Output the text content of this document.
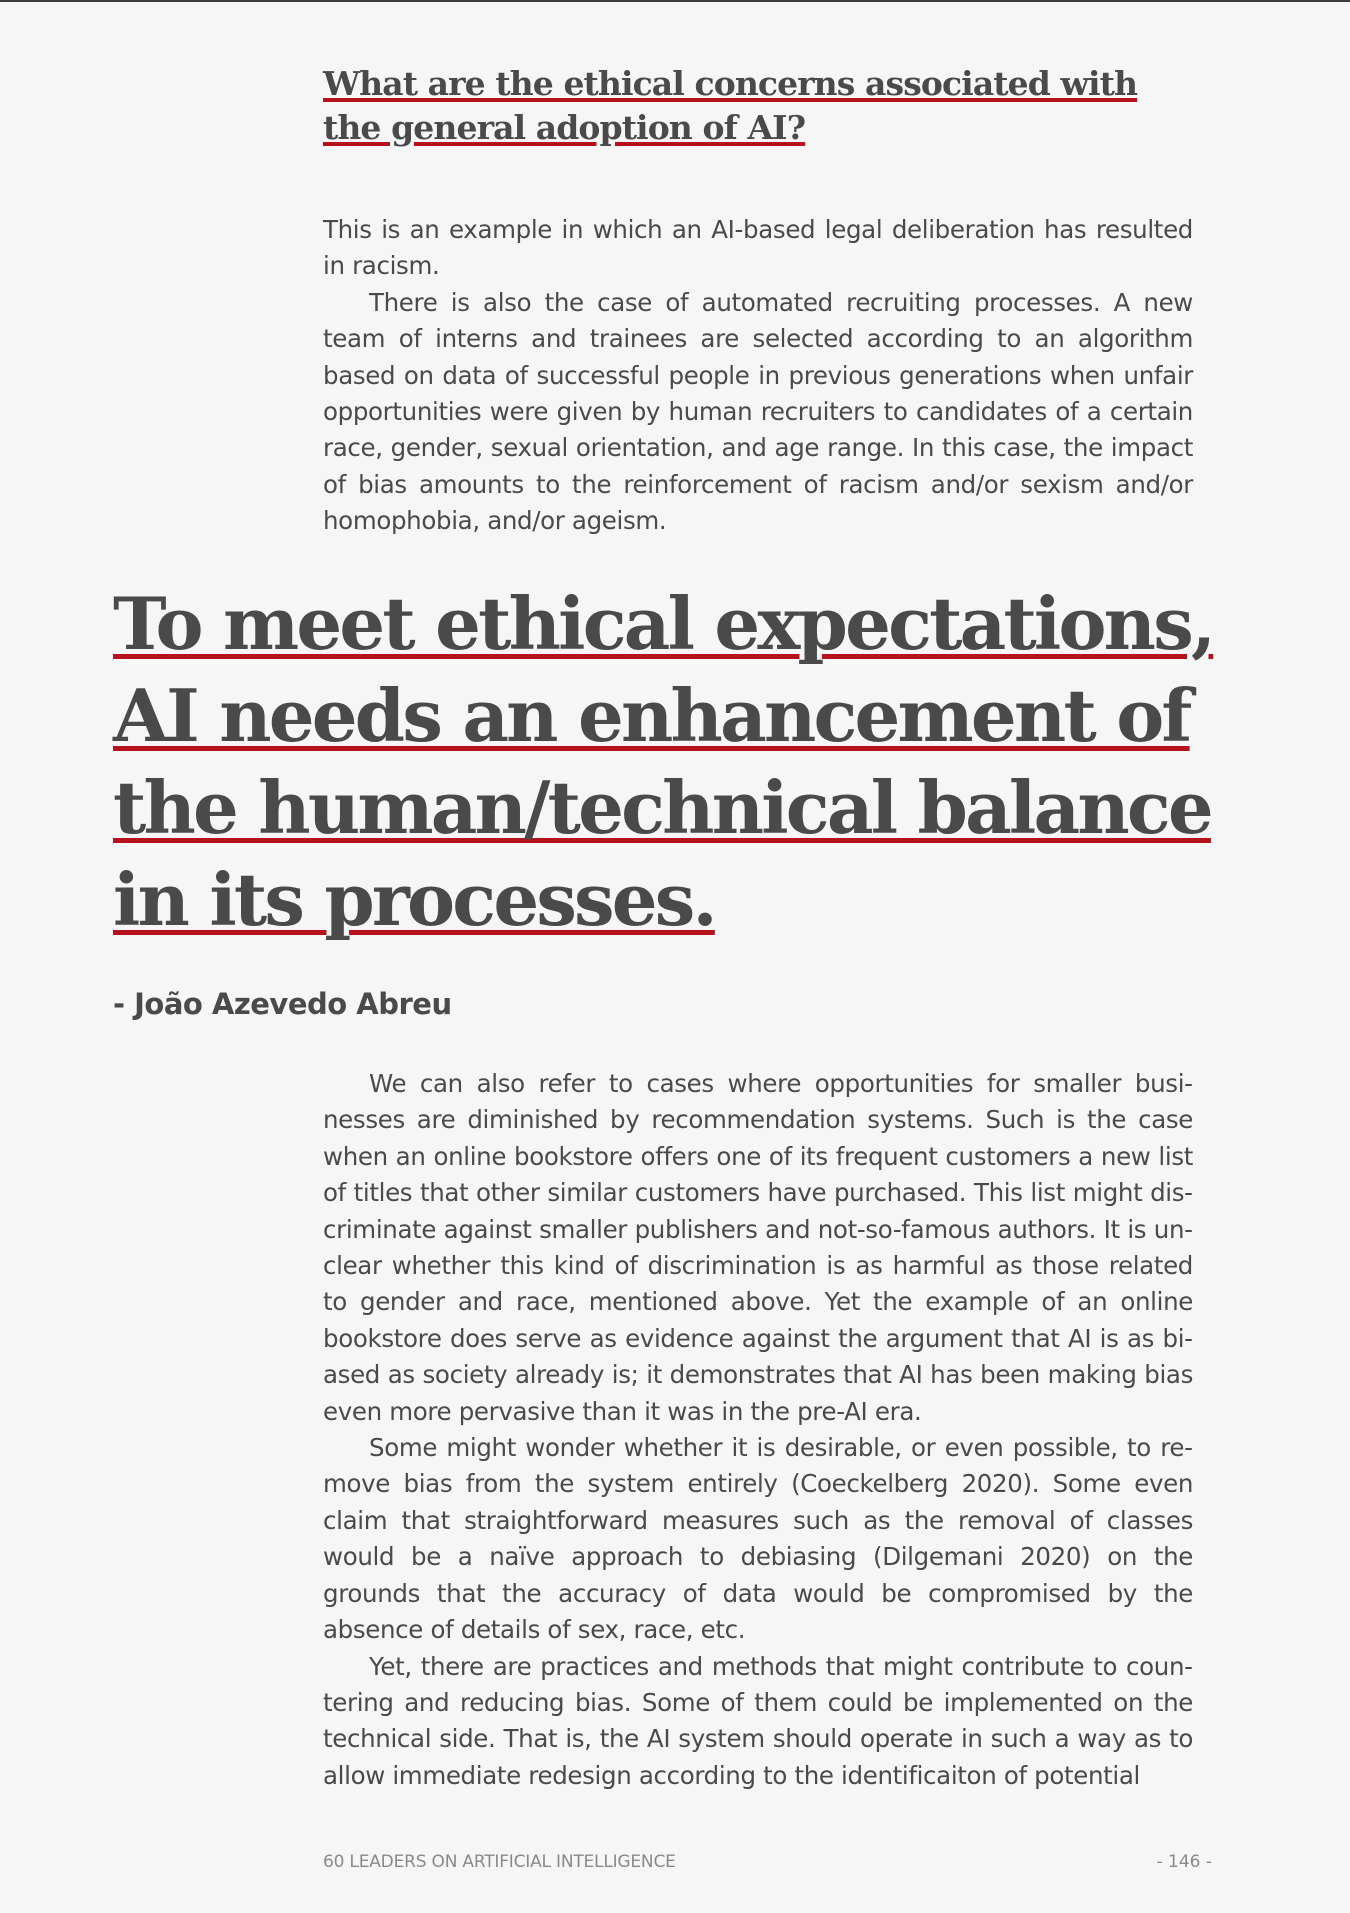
What are the ethical concerns associated with the general adoption of AI?

This is an example in which an AI-based legal deliberation has resulted in racism.

There is also the case of automated recruiting processes. A new team of interns and trainees are selected according to an algorithm based on data of successful people in previous generations when unfair opportunities were given by human recruiters to candidates of a certain race, gender, sexual orientation, and age range. In this case, the impact of bias amounts to the reinforcement of racism and/or sexism and/or homophobia, and/or ageism.

To meet ethical expectations, AI needs an enhancement of the human/technical balance in its processes.
- João Azevedo Abreu

We can also refer to cases where opportunities for smaller businesses are diminished by recommendation systems. Such is the case when an online bookstore offers one of its frequent customers a new list of titles that other similar customers have purchased. This list might discriminate against smaller publishers and not-so-famous authors. It is unclear whether this kind of discrimination is as harmful as those related to gender and race, mentioned above. Yet the example of an online bookstore does serve as evidence against the argument that AI is as biased as society already is; it demonstrates that AI has been making bias even more pervasive than it was in the pre-AI era.

Some might wonder whether it is desirable, or even possible, to remove bias from the system entirely (Coeckelberg 2020). Some even claim that straightforward measures such as the removal of classes would be a naïve approach to debiasing (Dilgemani 2020) on the grounds that the accuracy of data would be compromised by the absence of details of sex, race, etc.

Yet, there are practices and methods that might contribute to countering and reducing bias. Some of them could be implemented on the technical side. That is, the AI system should operate in such a way as to allow immediate redesign according to the identificaiton of potential

60 LEADERS ON ARTIFICIAL INTELLIGENCE	- 146 -
